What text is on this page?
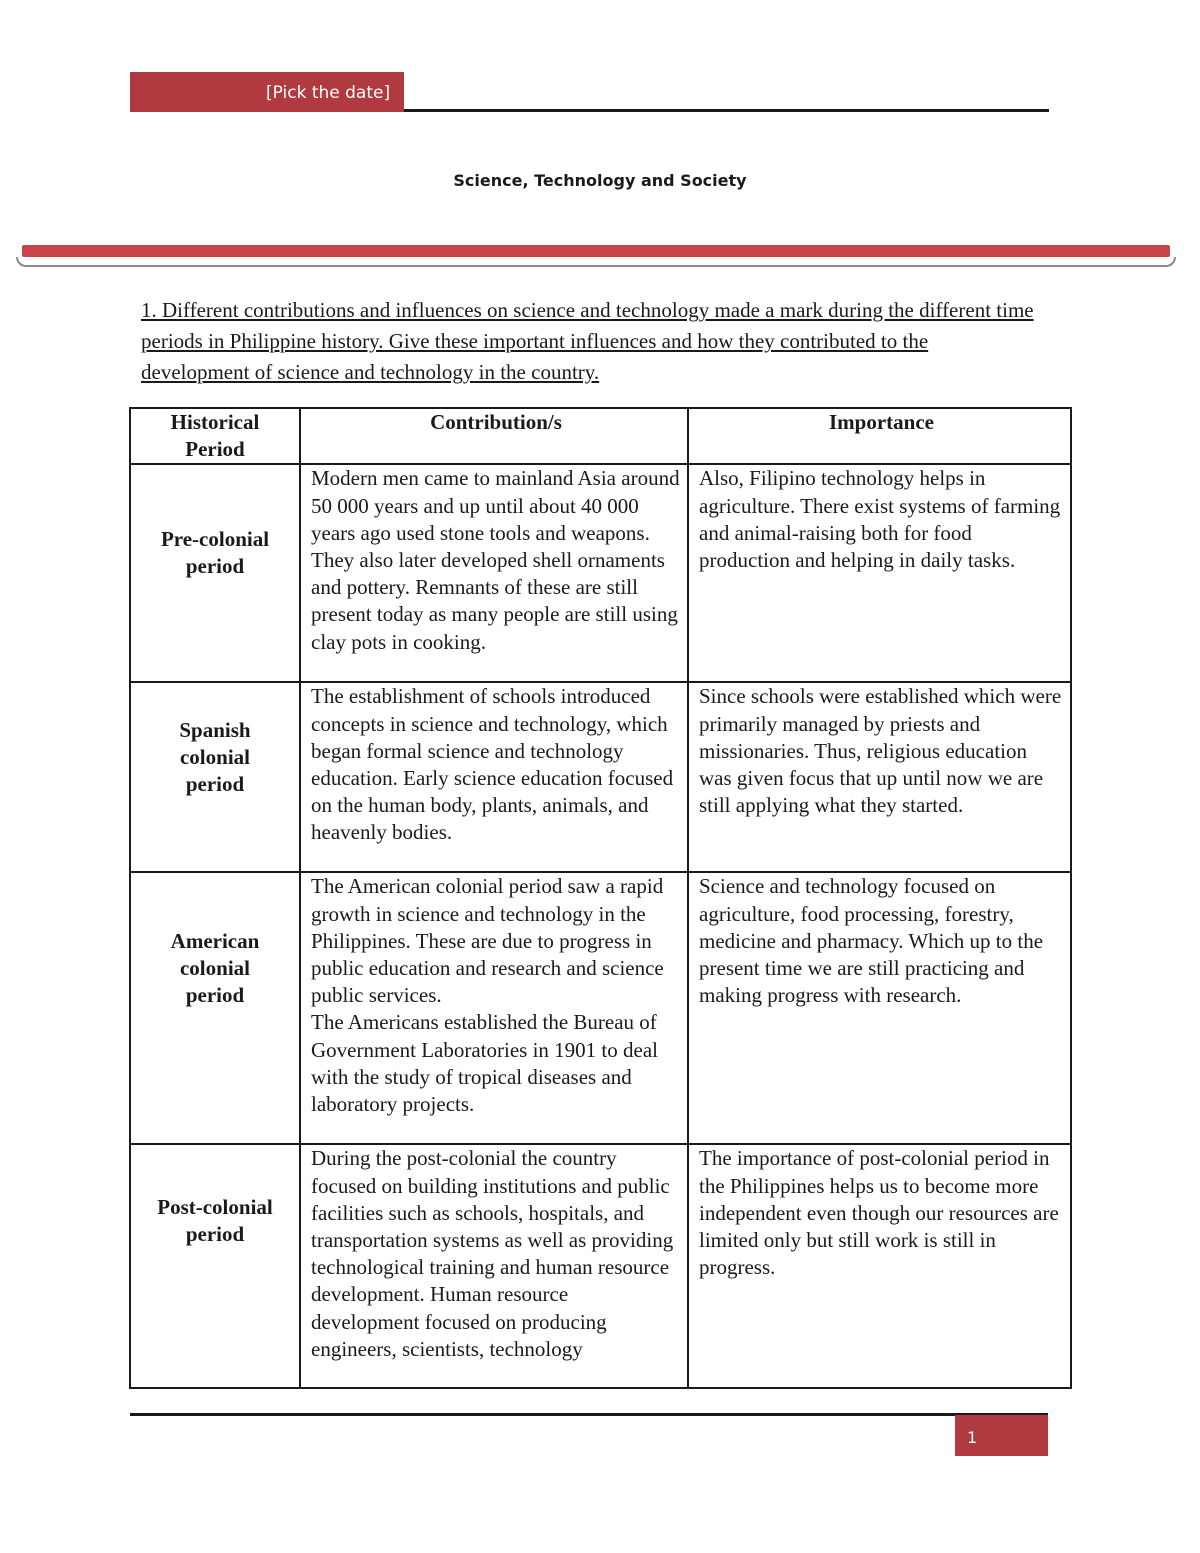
[Pick the date]
Science, Technology and Society
1. Different contributions and influences on science and technology made a mark during the different time periods in Philippine history. Give these important influences and how they contributed to the development of science and technology in the country.
Historical Period	Contribution/s	Importance

Pre-colonial period	Modern men came to mainland Asia around 50 000 years and up until about 40 000 years ago used stone tools and weapons. They also later developed shell ornaments and pottery. Remnants of these are still present today as many people are still using clay pots in cooking.	Also, Filipino technology helps in agriculture. There exist systems of farming and animal-raising both for food production and helping in daily tasks.

Spanish colonial period	The establishment of schools introduced concepts in science and technology, which began formal science and technology education. Early science education focused on the human body, plants, animals, and heavenly bodies.	Since schools were established which were primarily managed by priests and missionaries. Thus, religious education was given focus that up until now we are still applying what they started.

American colonial period	The American colonial period saw a rapid growth in science and technology in the Philippines. These are due to progress in public education and research and science public services.
The Americans established the Bureau of Government Laboratories in 1901 to deal with the study of tropical diseases and laboratory projects.	Science and technology focused on agriculture, food processing, forestry, medicine and pharmacy. Which up to the present time we are still practicing and making progress with research.

Post-colonial period	During the post-colonial the country focused on building institutions and public facilities such as schools, hospitals, and transportation systems as well as providing technological training and human resource development. Human resource development focused on producing engineers, scientists, technology	The importance of post-colonial period in the Philippines helps us to become more independent even though our resources are limited only but still work is still in progress.
1
